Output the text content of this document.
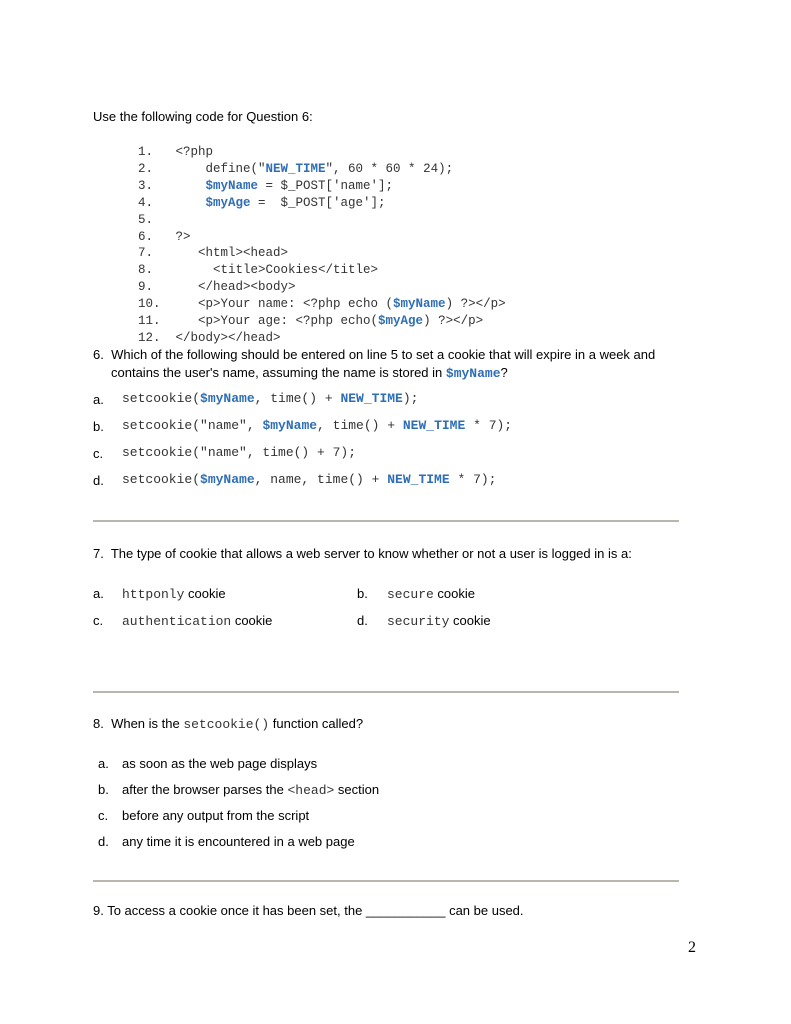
Use the following code for Question 6:
1. <?php
2.     define("NEW_TIME", 60 * 60 * 24);
3.	$myName = $_POST['name'];
4.	$myAge =  $_POST['age'];
5.
6. ?>
7.    <html><head>
8.      <title>Cookies</title>
9.    </head><body>
10.    <p>Your name: <?php echo ($myName) ?></p>
11.    <p>Your age: <?php echo($myAge) ?></p>
12. </body></head>
6.  Which of the following should be entered on line 5 to set a cookie that will expire in a week and
contains the user's name, assuming the name is stored in $myName?
a. setcookie($myName, time() + NEW_TIME);
b. setcookie("name", $myName, time() + NEW_TIME * 7);
c. setcookie("name", time() + 7);
d. setcookie($myName, name, time() + NEW_TIME * 7);
7.  The type of cookie that allows a web server to know whether or not a user is logged in is a:
a. httponly cookie	b. secure cookie
c. authentication cookie	d. security cookie
8.  When is the setcookie() function called?
a. as soon as the web page displays
b. after the browser parses the <head> section
c. before any output from the script
d. any time it is encountered in a web page
9. To access a cookie once it has been set, the ___________ can be used.
2
